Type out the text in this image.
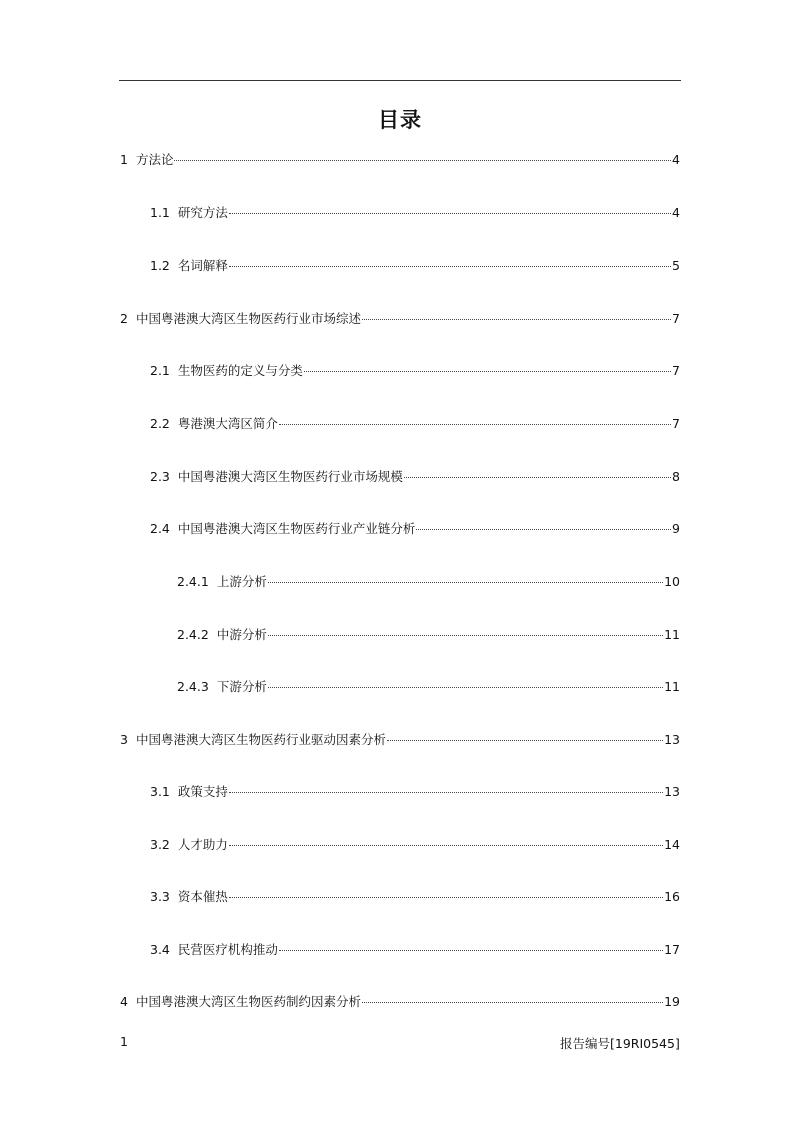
目录
1 方法论	4
1.1 研究方法	4
1.2 名词解释	5
2 中国粤港澳大湾区生物医药行业市场综述	7
2.1 生物医药的定义与分类	7
2.2 粤港澳大湾区简介	7
2.3 中国粤港澳大湾区生物医药行业市场规模	8
2.4 中国粤港澳大湾区生物医药行业产业链分析	9
2.4.1 上游分析	10
2.4.2 中游分析	11
2.4.3 下游分析	11
3 中国粤港澳大湾区生物医药行业驱动因素分析	13
3.1 政策支持	13
3.2 人才助力	14
3.3 资本催热	16
3.4 民营医疗机构推动	17
4 中国粤港澳大湾区生物医药制约因素分析	19
1	报告编号[19RI0545]
